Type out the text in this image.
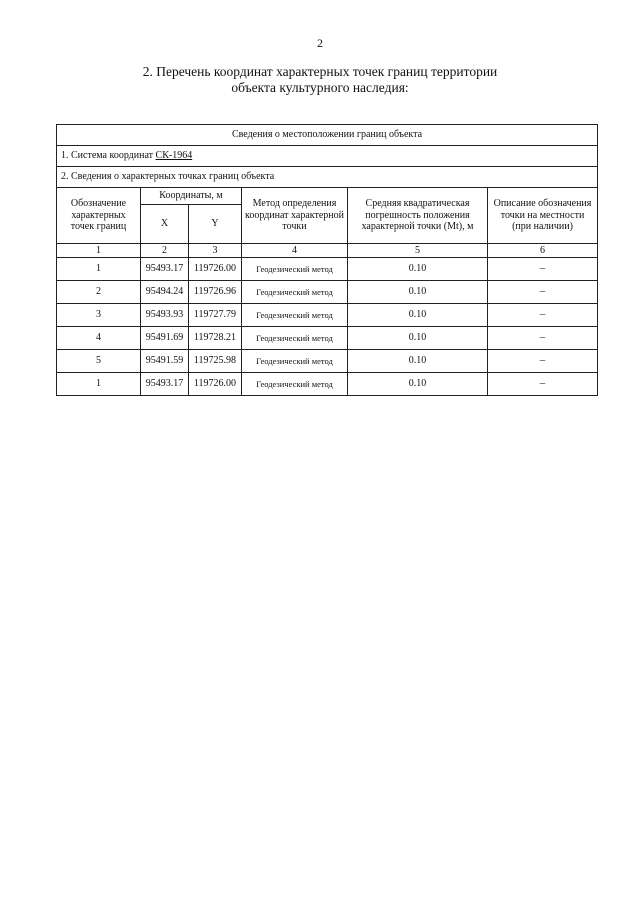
2
2. Перечень координат характерных точек границ территории
объекта культурного наследия:
Сведения о местоположении границ объекта					
1. Система координат СК-1964					
2. Сведения о характерных точках границ объекта					
Обозначение характерных точек границ	Координаты, м		Метод определения координат характерной точки	Средняя квадратическая погрешность положения характерной точки (Mt), м	Описание обозначения точки на местности (при наличии)
	X	Y			
1	2	3	4	5	6
1	95493.17	119726.00	Геодезический метод	0.10	–
2	95494.24	119726.96	Геодезический метод	0.10	–
3	95493.93	119727.79	Геодезический метод	0.10	–
4	95491.69	119728.21	Геодезический метод	0.10	–
5	95491.59	119725.98	Геодезический метод	0.10	–
1	95493.17	119726.00	Геодезический метод	0.10	–
